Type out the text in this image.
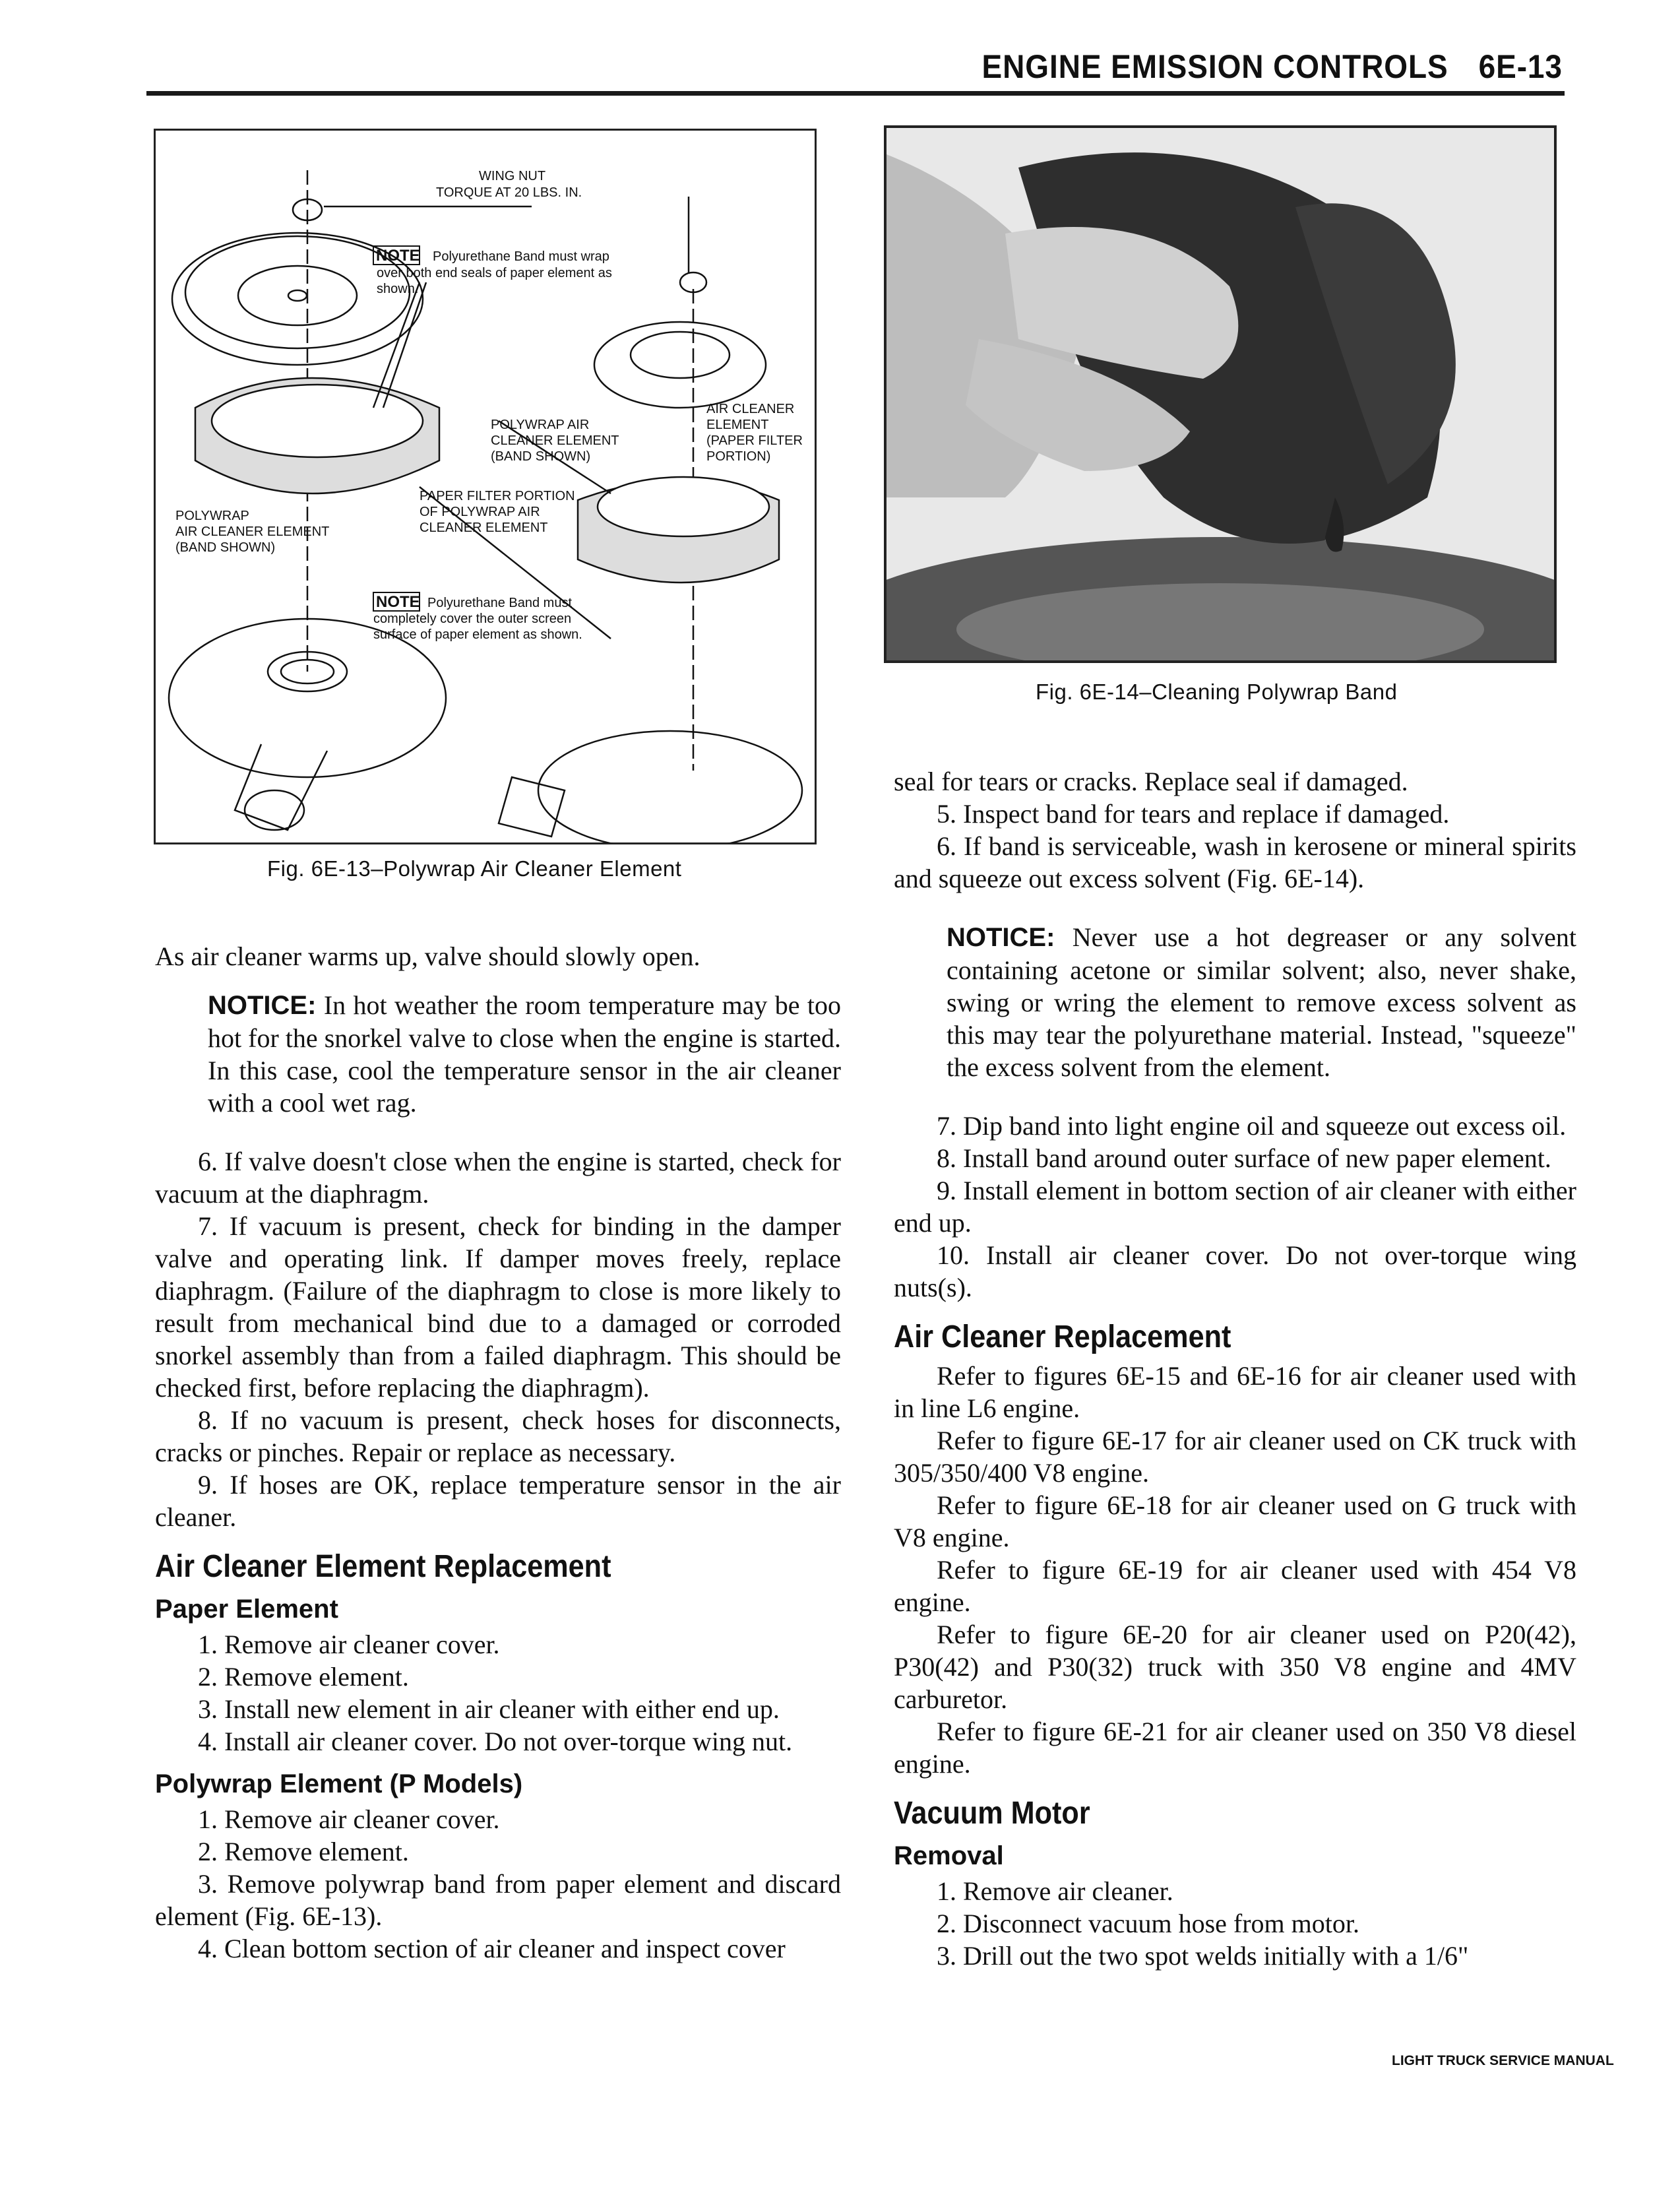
ENGINE EMISSION CONTROLS 6E-13
WING NUT
TORQUE AT 20 LBS. IN.
NOTE Polyurethane Band must wrap
over both end seals of paper element as
shown.
AIR CLEANER
ELEMENT
(PAPER FILTER
PORTION)
POLYWRAP AIR
CLEANER ELEMENT
(BAND SHOWN)
PAPER FILTER PORTION
OF POLYWRAP AIR
CLEANER ELEMENT
POLYWRAP
AIR CLEANER ELEMENT
(BAND SHOWN)
NOTE Polyurethane Band must
completely cover the outer screen
surface of paper element as shown.
Fig. 6E-13–Polywrap Air Cleaner Element
Fig. 6E-14–Cleaning Polywrap Band

As air cleaner warms up, valve should slowly open.

NOTICE: In hot weather the room temperature may be too hot for the snorkel valve to close when the engine is started. In this case, cool the temperature sensor in the air cleaner with a cool wet rag.

6. If valve doesn't close when the engine is started, check for vacuum at the diaphragm.

7. If vacuum is present, check for binding in the damper valve and operating link. If damper moves freely, replace diaphragm. (Failure of the diaphragm to close is more likely to result from mechanical bind due to a damaged or corroded snorkel assembly than from a failed diaphragm. This should be checked first, before replacing the diaphragm).

8. If no vacuum is present, check hoses for disconnects, cracks or pinches. Repair or replace as necessary.

9. If hoses are OK, replace temperature sensor in the air cleaner.

Air Cleaner Element Replacement

Paper Element

1. Remove air cleaner cover.

2. Remove element.

3. Install new element in air cleaner with either end up.

4. Install air cleaner cover. Do not over-torque wing nut.

Polywrap Element (P Models)

1. Remove air cleaner cover.

2. Remove element.

3. Remove polywrap band from paper element and discard element (Fig. 6E-13).

4. Clean bottom section of air cleaner and inspect cover

seal for tears or cracks. Replace seal if damaged.

5. Inspect band for tears and replace if damaged.

6. If band is serviceable, wash in kerosene or mineral spirits and squeeze out excess solvent (Fig. 6E-14).

NOTICE: Never use a hot degreaser or any solvent containing acetone or similar solvent; also, never shake, swing or wring the element to remove excess solvent as this may tear the polyurethane material. Instead, "squeeze" the excess solvent from the element.

7. Dip band into light engine oil and squeeze out excess oil.

8. Install band around outer surface of new paper element.

9. Install element in bottom section of air cleaner with either end up.

10. Install air cleaner cover. Do not over-torque wing nuts(s).

Air Cleaner Replacement

Refer to figures 6E-15 and 6E-16 for air cleaner used with in line L6 engine.

Refer to figure 6E-17 for air cleaner used on CK truck with 305/350/400 V8 engine.

Refer to figure 6E-18 for air cleaner used on G truck with V8 engine.

Refer to figure 6E-19 for air cleaner used with 454 V8 engine.

Refer to figure 6E-20 for air cleaner used on P20(42), P30(42) and P30(32) truck with 350 V8 engine and 4MV carburetor.

Refer to figure 6E-21 for air cleaner used on 350 V8 diesel engine.

Vacuum Motor

Removal

1. Remove air cleaner.

2. Disconnect vacuum hose from motor.

3. Drill out the two spot welds initially with a 1/6"

LIGHT TRUCK SERVICE MANUAL
